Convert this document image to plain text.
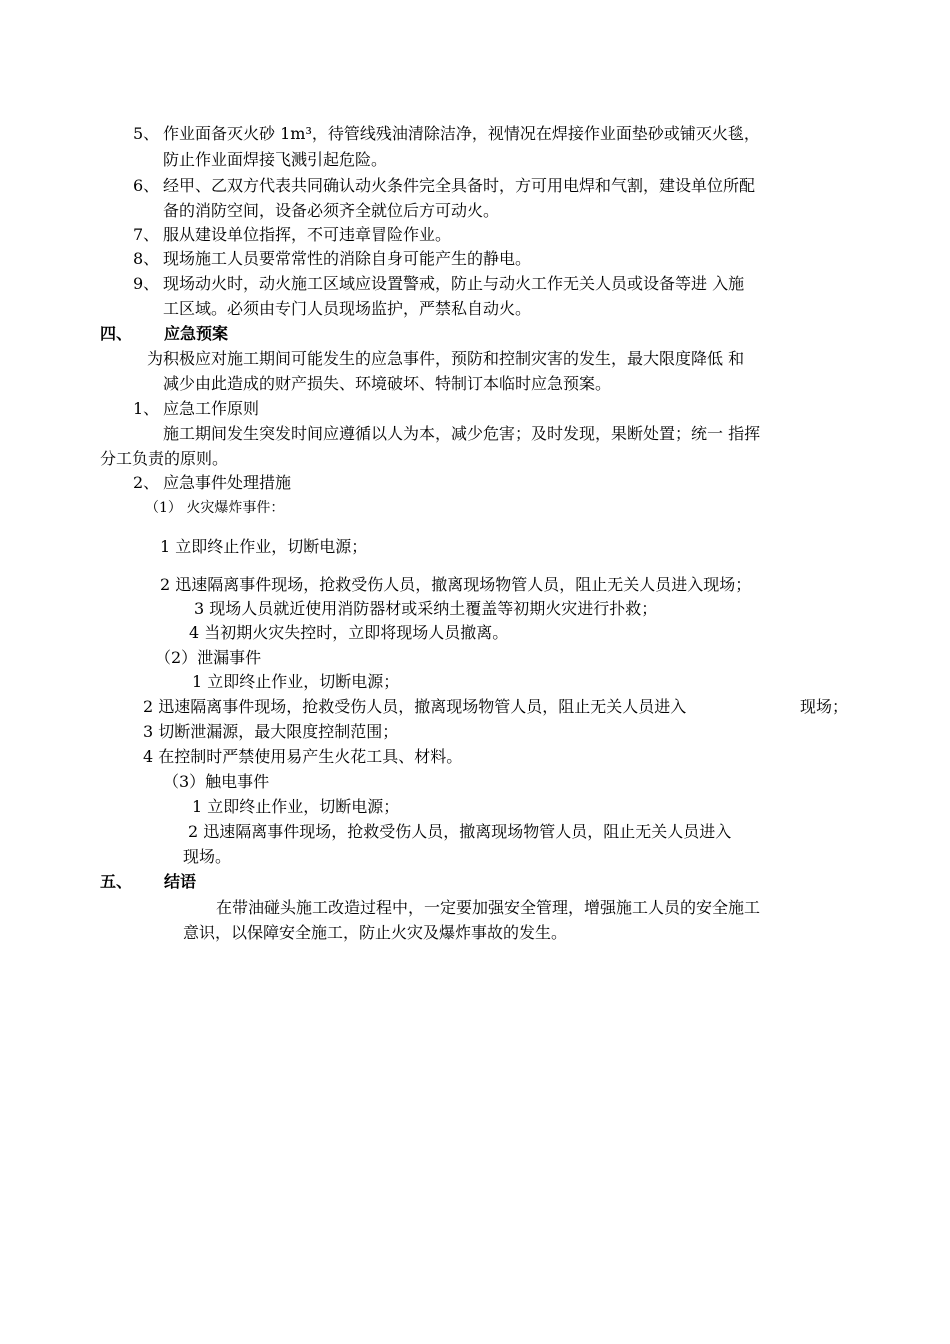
5、 作业面备灭火砂 1m³，待管线残油清除洁净，视情况在焊接作业面垫砂或铺灭火毯，
防止作业面焊接飞溅引起危险。
6、 经甲、乙双方代表共同确认动火条件完全具备时，方可用电焊和气割，建设单位所配
备的消防空间，设备必须齐全就位后方可动火。
7、 服从建设单位指挥，不可违章冒险作业。
8、 现场施工人员要常常性的消除自身可能产生的静电。
9、 现场动火时，动火施工区域应设置警戒，防止与动火工作无关人员或设备等进 入施
工区域。必须由专门人员现场监护，严禁私自动火。
四、 应急预案
为积极应对施工期间可能发生的应急事件，预防和控制灾害的发生，最大限度降低 和
减少由此造成的财产损失、环境破坏、特制订本临时应急预案。
1、 应急工作原则
施工期间发生突发时间应遵循以人为本，减少危害；及时发现，果断处置；统一 指挥
分工负责的原则。
2、 应急事件处理措施
（1） 火灾爆炸事件：
1 立即终止作业，切断电源；
2 迅速隔离事件现场，抢救受伤人员，撤离现场物管人员，阻止无关人员进入现场；
3 现场人员就近使用消防器材或采纳土覆盖等初期火灾进行扑救；
4 当初期火灾失控时，立即将现场人员撤离。
（2）泄漏事件
1 立即终止作业，切断电源；
2 迅速隔离事件现场，抢救受伤人员，撤离现场物管人员，阻止无关人员进入	现场；
3 切断泄漏源，最大限度控制范围；
4 在控制时严禁使用易产生火花工具、材料。
（3）触电事件
1 立即终止作业，切断电源；
2 迅速隔离事件现场，抢救受伤人员，撤离现场物管人员，阻止无关人员进入
现场。
五、 结语
在带油碰头施工改造过程中，一定要加强安全管理，增强施工人员的安全施工
意识，以保障安全施工，防止火灾及爆炸事故的发生。
